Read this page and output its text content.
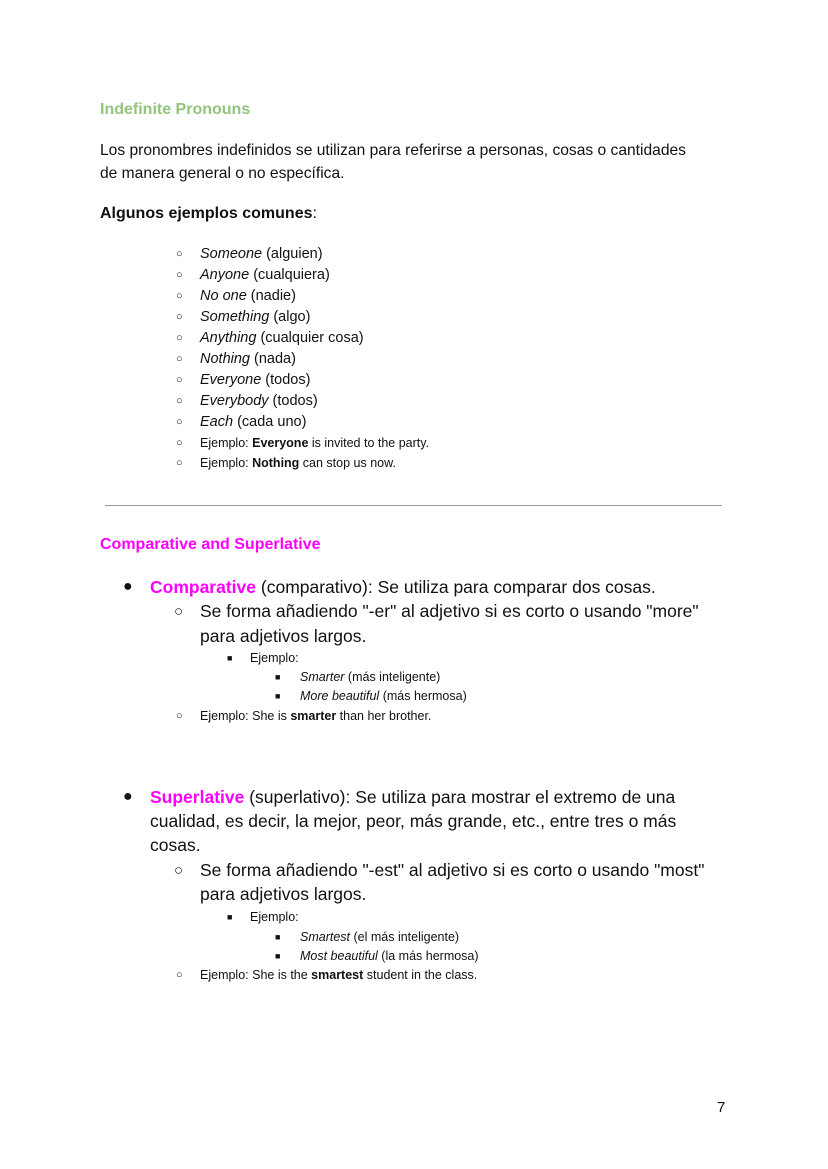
Indefinite Pronouns
Los pronombres indefinidos se utilizan para referirse a personas, cosas o cantidades
de manera general o no específica.
Algunos ejemplos comunes:
○ Someone (alguien)
○ Anyone (cualquiera)
○ No one (nadie)
○ Something (algo)
○ Anything (cualquier cosa)
○ Nothing (nada)
○ Everyone (todos)
○ Everybody (todos)
○ Each (cada uno)
○ Ejemplo: Everyone is invited to the party.
○ Ejemplo: Nothing can stop us now.
Comparative and Superlative
● Comparative (comparativo): Se utiliza para comparar dos cosas.
○ Se forma añadiendo "-er" al adjetivo si es corto o usando "more"
para adjetivos largos.
■ Ejemplo:
■ Smarter (más inteligente)
■ More beautiful (más hermosa)
○ Ejemplo: She is smarter than her brother.
● Superlative (superlativo): Se utiliza para mostrar el extremo de una
cualidad, es decir, la mejor, peor, más grande, etc., entre tres o más
cosas.
○ Se forma añadiendo "-est" al adjetivo si es corto o usando "most"
para adjetivos largos.
■ Ejemplo:
■ Smartest (el más inteligente)
■ Most beautiful (la más hermosa)
○ Ejemplo: She is the smartest student in the class.
7
